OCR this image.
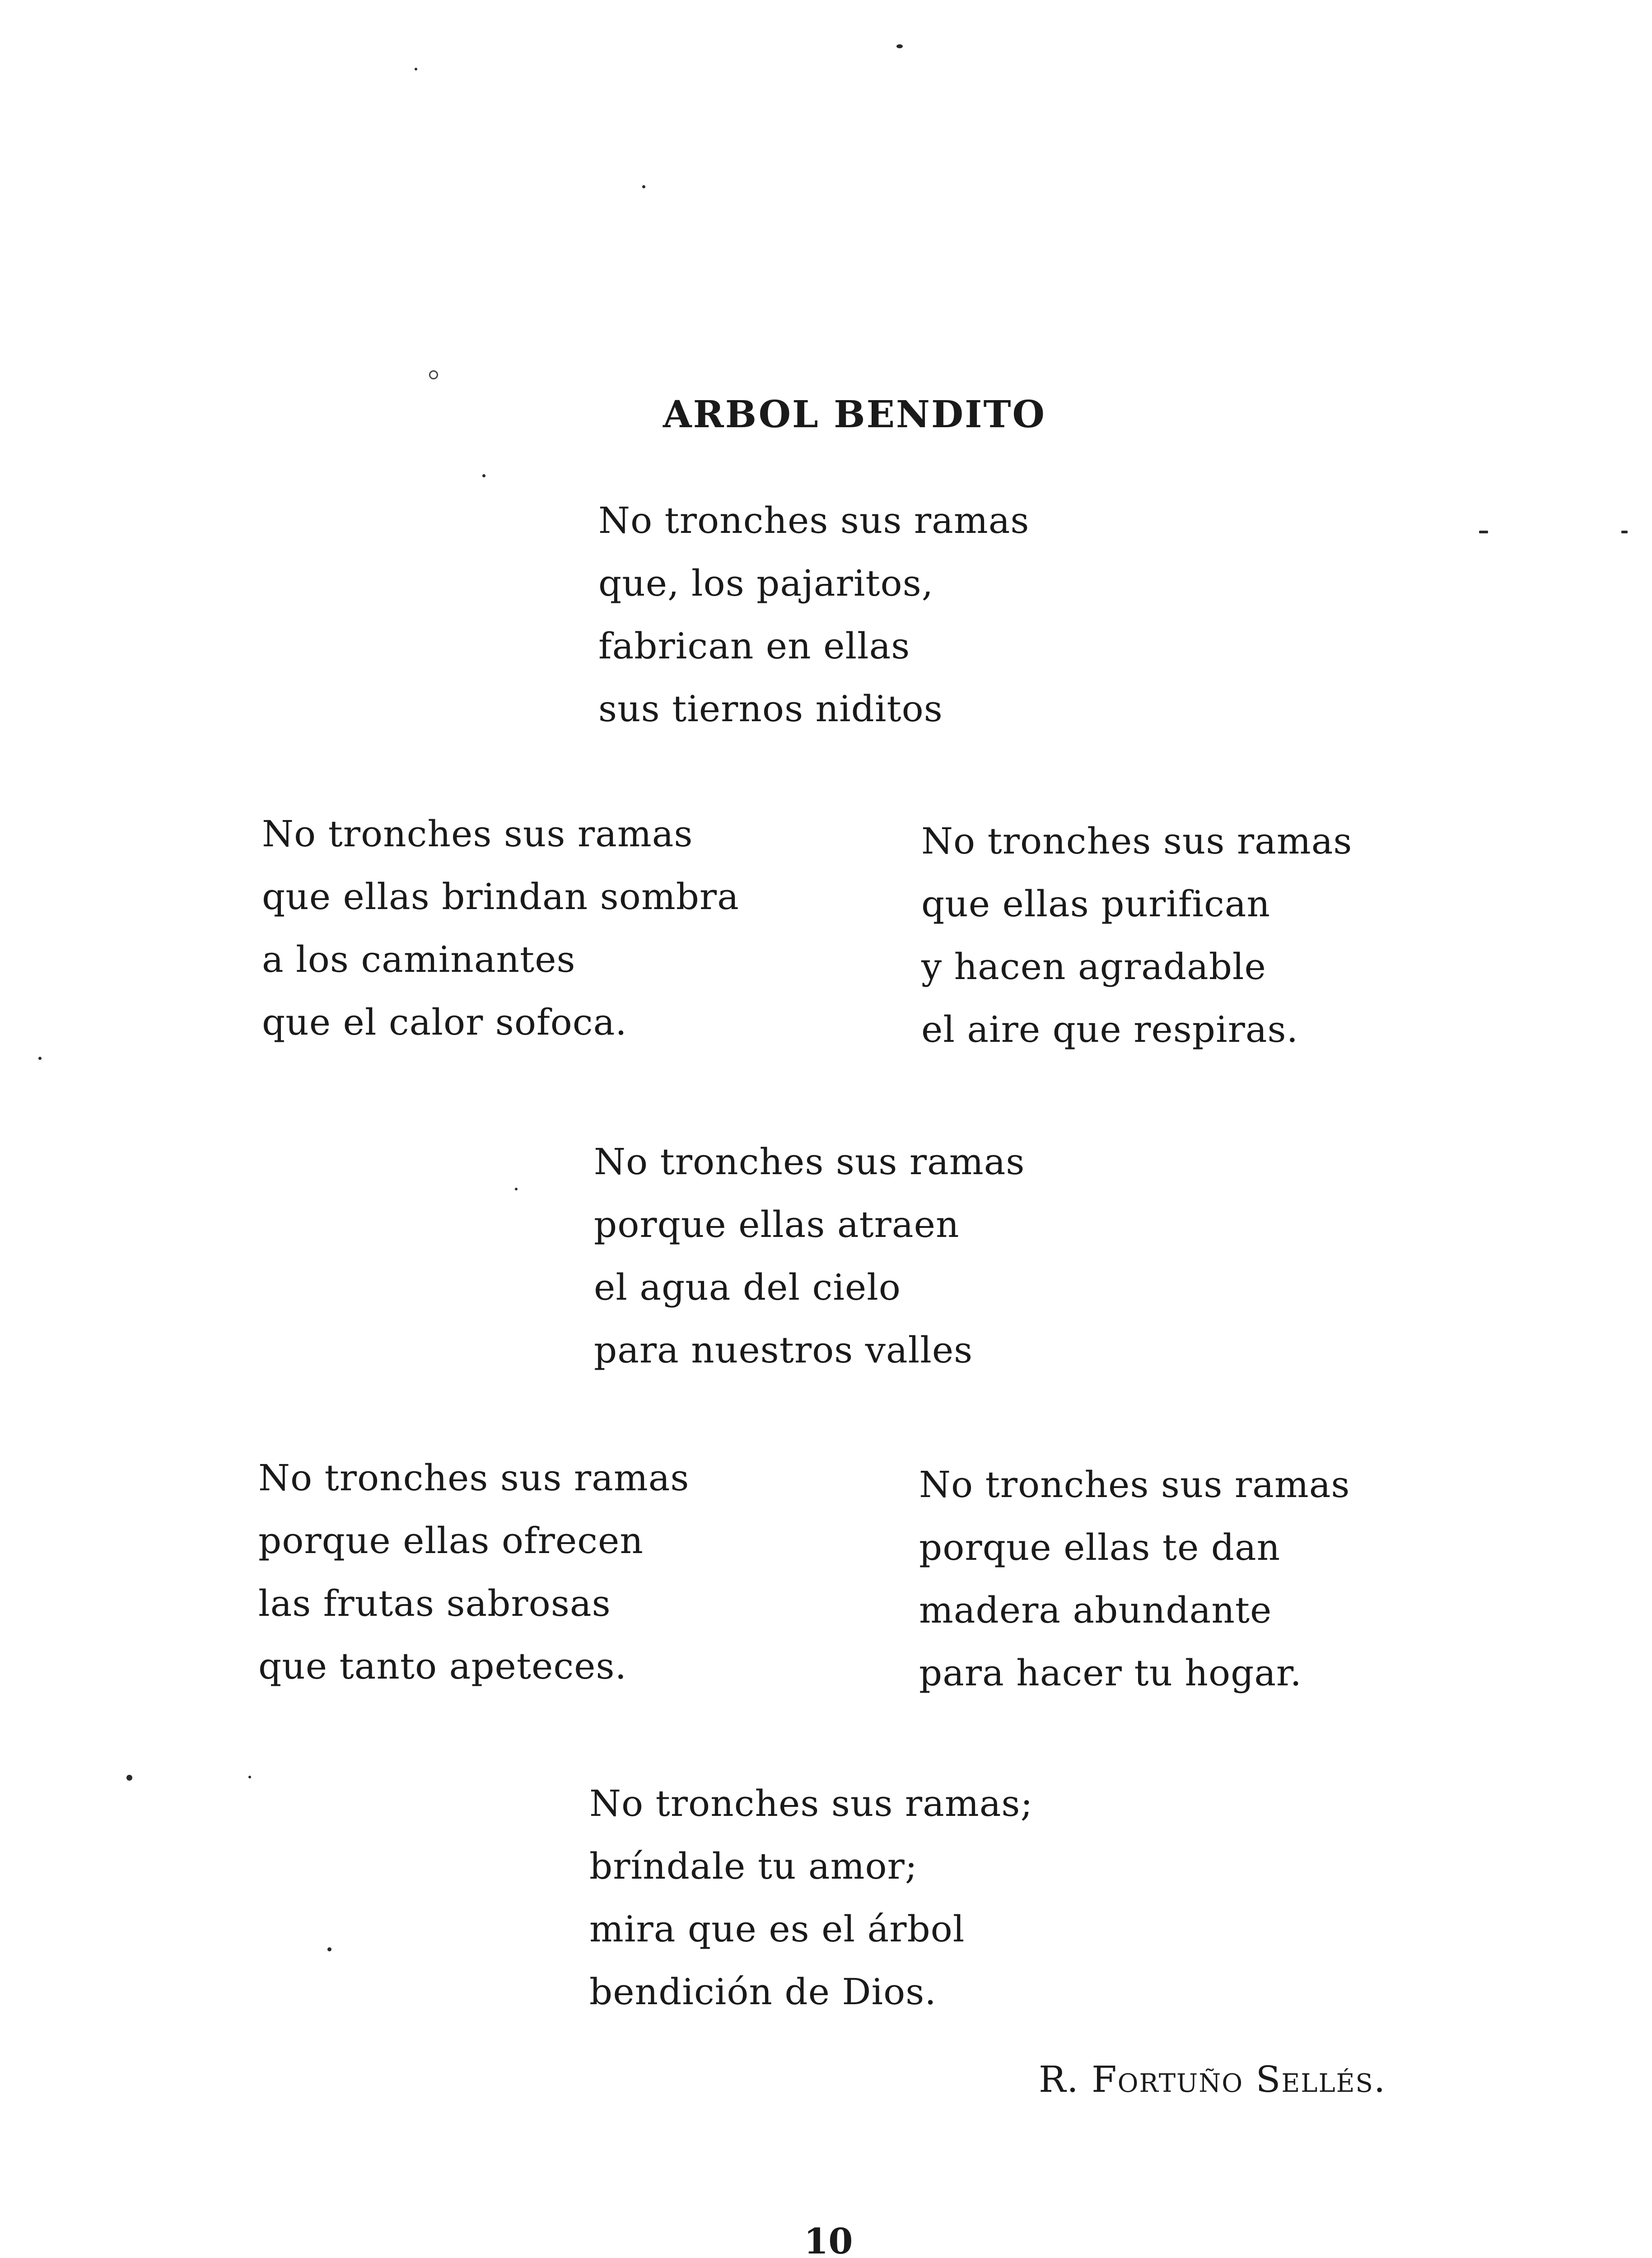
ARBOL BENDITO
No tronches sus ramas
que, los pajaritos,
fabrican en ellas
sus tiernos niditos
No tronches sus ramas
que ellas brindan sombra
a los caminantes
que el calor sofoca.
No tronches sus ramas
que ellas purifican
y hacen agradable
el aire que respiras.
No tronches sus ramas
porque ellas atraen
el agua del cielo
para nuestros valles
No tronches sus ramas
porque ellas ofrecen
las frutas sabrosas
que tanto apeteces.
No tronches sus ramas
porque ellas te dan
madera abundante
para hacer tu hogar.
No tronches sus ramas;
bríndale tu amor;
mira que es el árbol
bendición de Dios.
R. Fortuño Sellés.
10
